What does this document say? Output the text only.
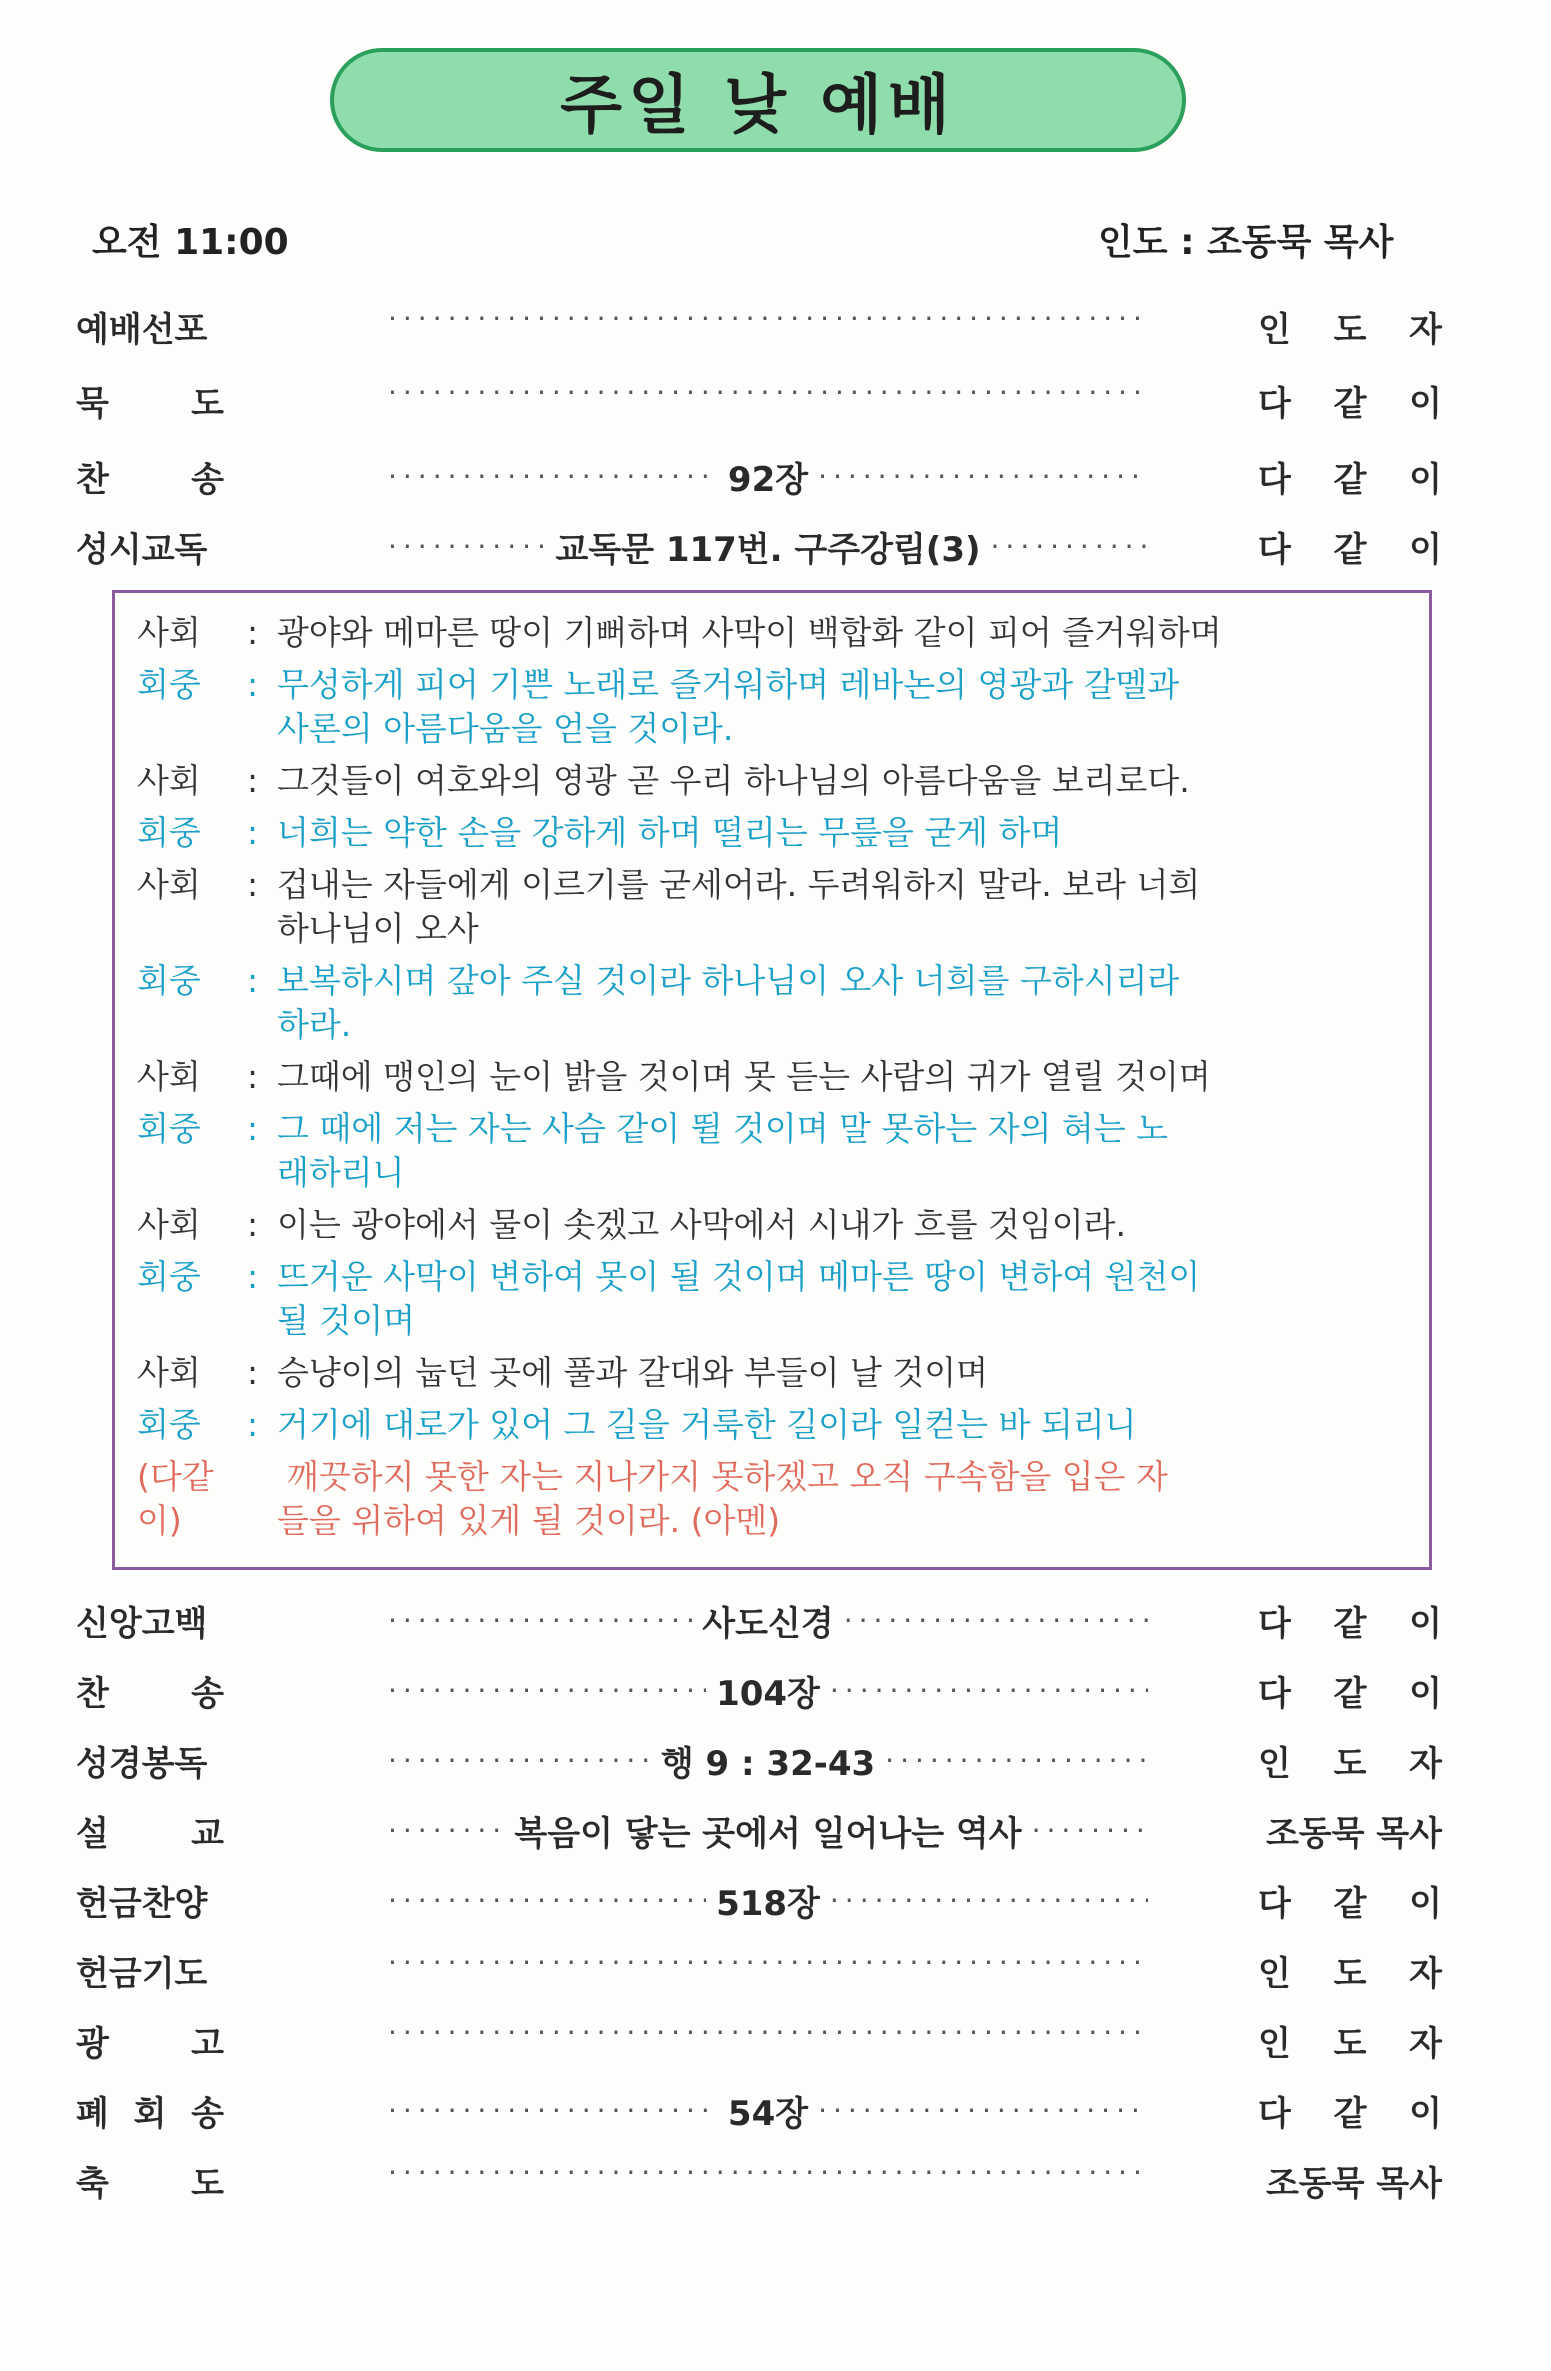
주일 낮 예배
오전 11:00	인도 : 조동묵 목사
예배선포 ·····	인 도 자
묵 도 ·····	다 같 이
찬 송 ·····	92장 ·····	다 같 이
성시교독 ·····	교독문 117번. 구주강림(3) ·····	다 같 이
사회	: 광야와 메마른 땅이 기뻐하며 사막이 백합화 같이 피어 즐거워하며
회중	: 무성하게 피어 기쁜 노래로 즐거워하며 레바논의 영광과 갈멜과
사론의 아름다움을 얻을 것이라.
사회	: 그것들이 여호와의 영광 곧 우리 하나님의 아름다움을 보리로다.
회중	: 너희는 약한 손을 강하게 하며 떨리는 무릎을 굳게 하며
사회	: 겁내는 자들에게 이르기를 굳세어라. 두려워하지 말라. 보라 너희
하나님이 오사
회중	: 보복하시며 갚아 주실 것이라 하나님이 오사 너희를 구하시리라
하라.
사회	: 그때에 맹인의 눈이 밝을 것이며 못 듣는 사람의 귀가 열릴 것이며
회중	: 그 때에 저는 자는 사슴 같이 뛸 것이며 말 못하는 자의 혀는 노
래하리니
사회	: 이는 광야에서 물이 솟겠고 사막에서 시내가 흐를 것임이라.
회중	: 뜨거운 사막이 변하여 못이 될 것이며 메마른 땅이 변하여 원천이
될 것이며
사회	: 승냥이의 눕던 곳에 풀과 갈대와 부들이 날 것이며
회중	: 거기에 대로가 있어 그 길을 거룩한 길이라 일컫는 바 되리니
(다같이)
깨끗하지 못한 자는 지나가지 못하겠고 오직 구속함을 입은 자
들을 위하여 있게 될 것이라. (아멘)
신앙고백 ·····	사도신경 ·····	다 같 이
찬 송 ·····	104장 ·····	다 같 이
성경봉독 ·····	행 9 : 32-43 ·····	인 도 자
설 교 ·····	복음이 닿는 곳에서 일어나는 역사 ·····	조동묵 목사
헌금찬양 ·····	518장 ·····	다 같 이
헌금기도 ·····	인 도 자
광 고 ·····	인 도 자
폐 회 송 ·····	54장 ·····	다 같 이
축 도 ·····	조동묵 목사
